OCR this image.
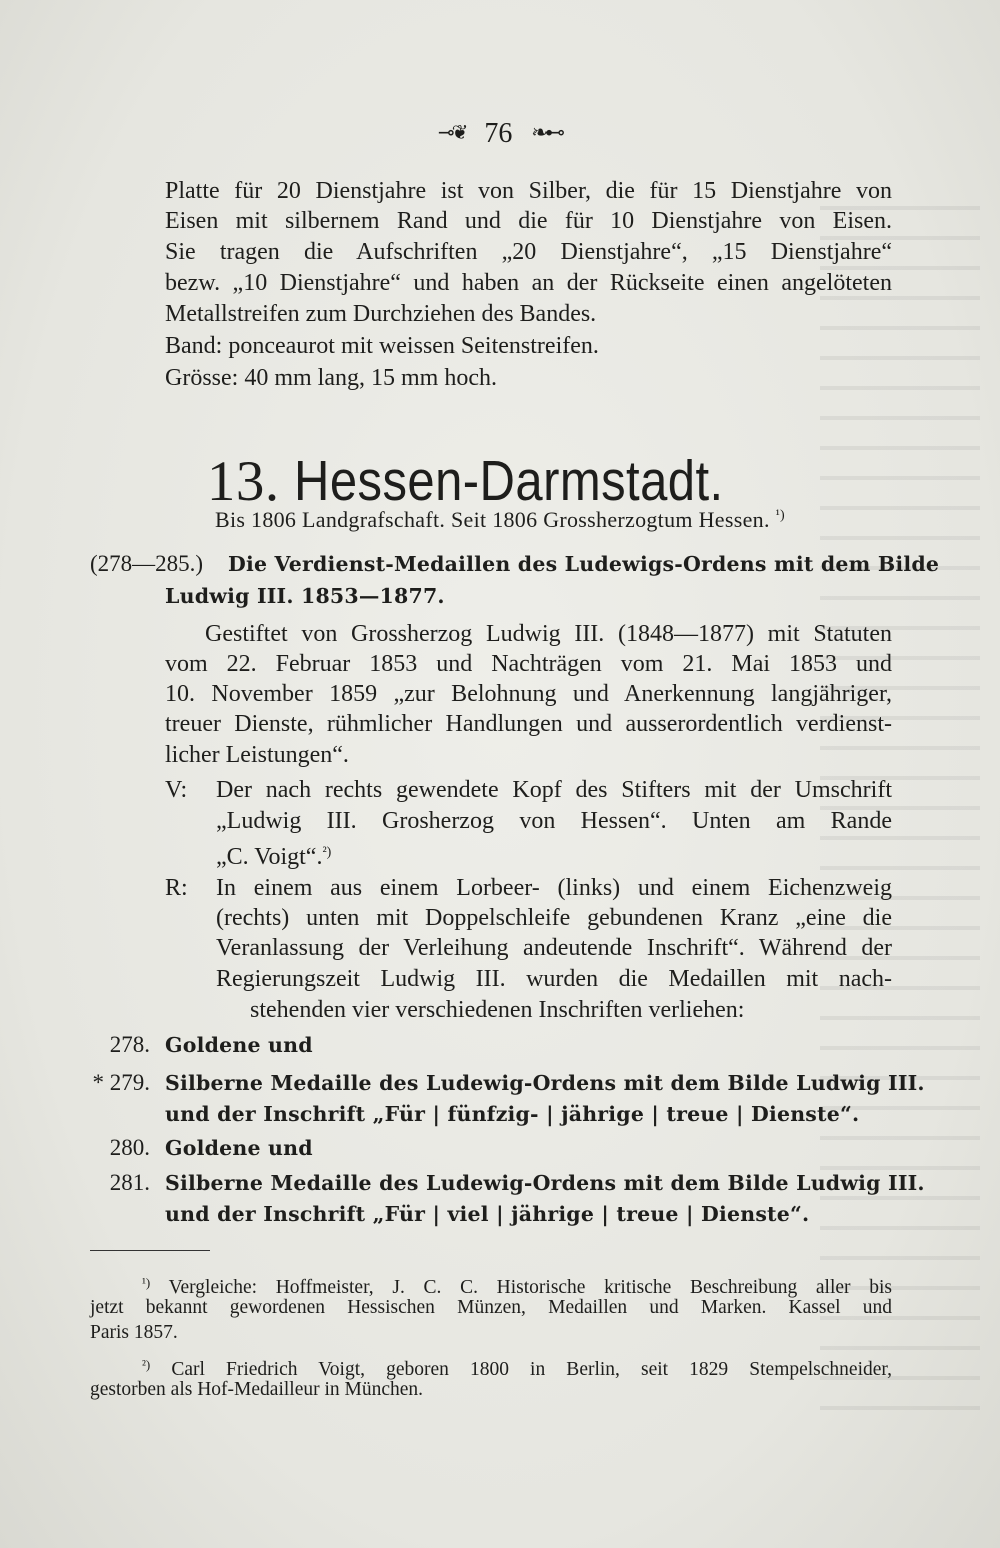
⊸❦ 76 ❧⊷
Platte für 20 Dienstjahre ist von Silber, die für 15 Dienstjahre von
Eisen mit silbernem Rand und die für 10 Dienstjahre von Eisen.
Sie tragen die Aufschriften „20 Dienstjahre“, „15 Dienstjahre“
bezw. „10 Dienstjahre“ und haben an der Rückseite einen angelöteten
Metallstreifen zum Durchziehen des Bandes.
Band: ponceaurot mit weissen Seitenstreifen.
Grösse: 40 mm lang, 15 mm hoch.
13. Hessen-Darmstadt.
Bis 1806 Landgrafschaft. Seit 1806 Grossherzogtum Hessen. $^{^1)}$
(278—285.) Die Verdienst-Medaillen des Ludewigs-Ordens mit dem Bilde
Ludwig III. 1853—1877.
Gestiftet von Grossherzog Ludwig III. (1848—1877) mit Statuten
vom 22. Februar 1853 und Nachträgen vom 21. Mai 1853 und
10. November 1859 „zur Belohnung und Anerkennung langjähriger,
treuer Dienste, rühmlicher Handlungen und ausserordentlich verdienst-
licher Leistungen“.
V: Der nach rechts gewendete Kopf des Stifters mit der Umschrift
„Ludwig III. Grosherzog von Hessen“. Unten am Rande
„C. Voigt“.$^{^2)}$
R: In einem aus einem Lorbeer- (links) und einem Eichenzweig
(rechts) unten mit Doppelschleife gebundenen Kranz „eine die
Veranlassung der Verleihung andeutende Inschrift“. Während der
Regierungszeit Ludwig III. wurden die Medaillen mit nach-
stehenden vier verschiedenen Inschriften verliehen:
278. Goldene und
* 279. Silberne Medaille des Ludewig-Ordens mit dem Bilde Ludwig III.
und der Inschrift „Für | fünfzig- | jährige | treue | Dienste“.
280. Goldene und
281. Silberne Medaille des Ludewig-Ordens mit dem Bilde Ludwig III.
und der Inschrift „Für | viel | jährige | treue | Dienste“.
$^{^1)}$ Vergleiche: Hoffmeister, J. C. C. Historische kritische Beschreibung aller bis
jetzt bekannt gewordenen Hessischen Münzen, Medaillen und Marken. Kassel und
Paris 1857.
$^{^2)}$ Carl Friedrich Voigt, geboren 1800 in Berlin, seit 1829 Stempelschneider,
gestorben als Hof-Medailleur in München.
